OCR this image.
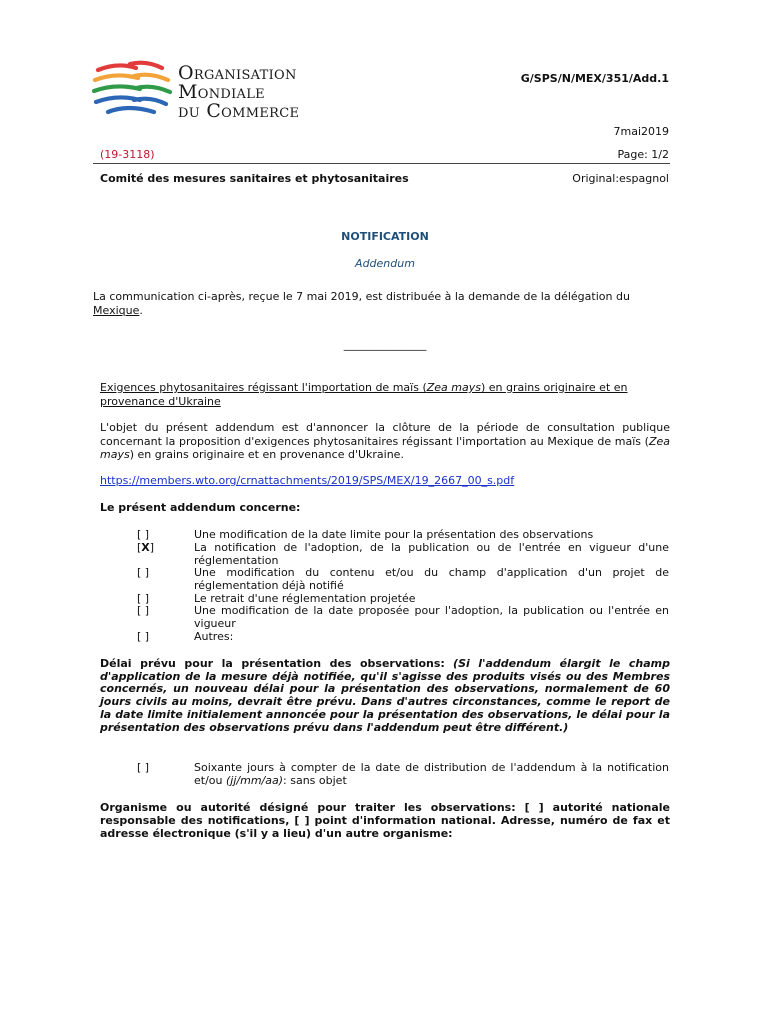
Organisation
Mondiale
du Commerce
G/SPS/N/MEX/351/Add.1
7mai2019
(19-3118)	Page: 1/2
Comité des mesures sanitaires et phytosanitaires	Original:espagnol
NOTIFICATION
Addendum
La communication ci-après, reçue le 7 mai 2019, est distribuée à la demande de la délégation du
Mexique.
_______________
Exigences phytosanitaires régissant l'importation de maïs (Zea mays) en grains originaire et en provenance d'Ukraine
L'objet du présent addendum est d'annoncer la clôture de la période de consultation publique concernant la proposition d'exigences phytosanitaires régissant l'importation au Mexique de maïs (Zea mays) en grains originaire et en provenance d'Ukraine.
https://members.wto.org/crnattachments/2019/SPS/MEX/19_2667_00_s.pdf
Le présent addendum concerne:
[ ]	Une modification de la date limite pour la présentation des observations
[X]	La notification de l'adoption, de la publication ou de l'entrée en vigueur d'une réglementation
[ ]	Une modification du contenu et/ou du champ d'application d'un projet de réglementation déjà notifié
[ ]	Le retrait d'une réglementation projetée
[ ]	Une modification de la date proposée pour l'adoption, la publication ou l'entrée en vigueur
[ ]	Autres:
Délai prévu pour la présentation des observations: (Si l'addendum élargit le champ d'application de la mesure déjà notifiée, qu'il s'agisse des produits visés ou des Membres concernés, un nouveau délai pour la présentation des observations, normalement de 60 jours civils au moins, devrait être prévu. Dans d'autres circonstances, comme le report de la date limite initialement annoncée pour la présentation des observations, le délai pour la présentation des observations prévu dans l'addendum peut être différent.)
[ ]	Soixante jours à compter de la date de distribution de l'addendum à la notification et/ou (jj/mm/aa): sans objet
Organisme ou autorité désigné pour traiter les observations: [ ] autorité nationale responsable des notifications, [ ] point d'information national. Adresse, numéro de fax et adresse électronique (s'il y a lieu) d'un autre organisme:
